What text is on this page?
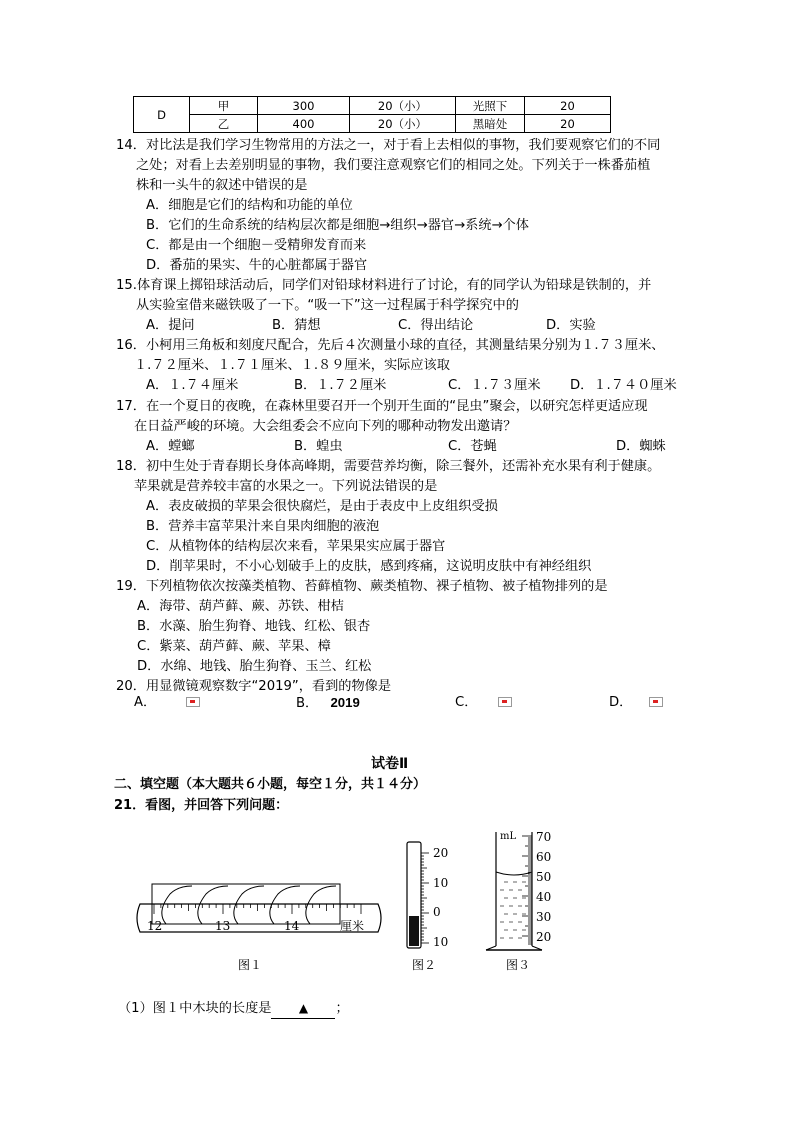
D	甲	300	20（小）	光照下	20
	乙	400	20（小）	黑暗处	20
14．对比法是我们学习生物常用的方法之一，对于看上去相似的事物，我们要观察它们的不同
之处；对看上去差别明显的事物，我们要注意观察它们的相同之处。下列关于一株番茄植
株和一头牛的叙述中错误的是
A．细胞是它们的结构和功能的单位
B．它们的生命系统的结构层次都是细胞→组织→器官→系统→个体
C．都是由一个细胞－受精卵发育而来
D．番茄的果实、牛的心脏都属于器官
15.体育课上掷铅球活动后，同学们对铅球材料进行了讨论，有的同学认为铅球是铁制的，并
从实验室借来磁铁吸了一下。“吸一下”这一过程属于科学探究中的
A．提问	B．猜想	C．得出结论	D．实验
16．小柯用三角板和刻度尺配合，先后４次测量小球的直径，其测量结果分别为１.７３厘米、
１.７２厘米、１.７１厘米、１.８９厘米，实际应该取
A．１.７４厘米	B．１.７２厘米	C．１.７３厘米 D．１.７４０厘米
17．在一个夏日的夜晚，在森林里要召开一个别开生面的“昆虫”聚会，以研究怎样更适应现
在日益严峻的环境。大会组委会不应向下列的哪种动物发出邀请？
A．螳螂	B．蝗虫	C．苍蝇	D．蜘蛛
18．初中生处于青春期长身体高峰期，需要营养均衡，除三餐外，还需补充水果有利于健康。
苹果就是营养较丰富的水果之一。下列说法错误的是
A．表皮破损的苹果会很快腐烂，是由于表皮中上皮组织受损
B．营养丰富苹果汁来自果肉细胞的液泡
C．从植物体的结构层次来看，苹果果实应属于器官
D．削苹果时，不小心划破手上的皮肤，感到疼痛，这说明皮肤中有神经组织
19．下列植物依次按藻类植物、苔藓植物、蕨类植物、裸子植物、被子植物排列的是
A．海带、葫芦藓、蕨、苏铁、柑桔
B．水藻、胎生狗脊、地钱、红松、银杏
C．紫菜、葫芦藓、蕨、苹果、樟
D．水绵、地钱、胎生狗脊、玉兰、红松
20．用显微镜观察数字“2019”，看到的物像是
A．	B． 2019	C．	D．
试卷Ⅱ
二、填空题（本大题共６小题，每空１分，共１４分）
21．看图，并回答下列问题：
12	13	14	厘米
图１
20
10
0
10
图２
mL 70
60
50
40
30
20
图３
（1）图１中木块的长度是 ▲ ；
